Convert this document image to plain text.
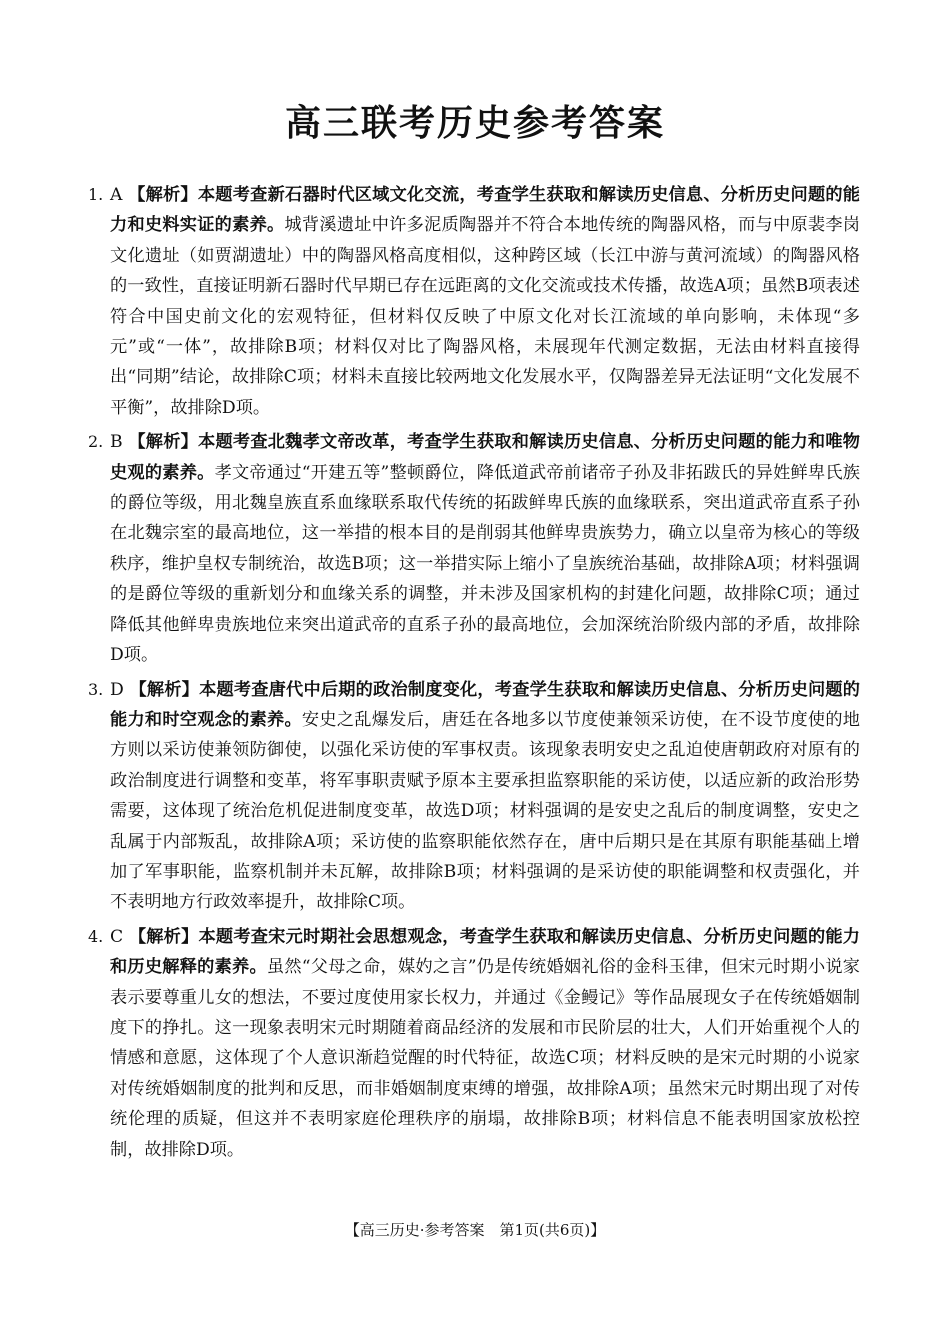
高三联考历史参考答案
1. A 【解析】本题考查新石器时代区域文化交流，考查学生获取和解读历史信息、分析历史问题的能力和史料实证的素养。城背溪遗址中许多泥质陶器并不符合本地传统的陶器风格，而与中原裴李岗文化遗址（如贾湖遗址）中的陶器风格高度相似，这种跨区域（长江中游与黄河流域）的陶器风格的一致性，直接证明新石器时代早期已存在远距离的文化交流或技术传播，故选A项；虽然B项表述符合中国史前文化的宏观特征，但材料仅反映了中原文化对长江流域的单向影响，未体现“多元”或“一体”，故排除B项；材料仅对比了陶器风格，未展现年代测定数据，无法由材料直接得出“同期”结论，故排除C项；材料未直接比较两地文化发展水平，仅陶器差异无法证明“文化发展不平衡”，故排除D项。
2. B 【解析】本题考查北魏孝文帝改革，考查学生获取和解读历史信息、分析历史问题的能力和唯物史观的素养。孝文帝通过“开建五等”整顿爵位，降低道武帝前诸帝子孙及非拓跋氏的异姓鲜卑氏族的爵位等级，用北魏皇族直系血缘联系取代传统的拓跋鲜卑氏族的血缘联系，突出道武帝直系子孙在北魏宗室的最高地位，这一举措的根本目的是削弱其他鲜卑贵族势力，确立以皇帝为核心的等级秩序，维护皇权专制统治，故选B项；这一举措实际上缩小了皇族统治基础，故排除A项；材料强调的是爵位等级的重新划分和血缘关系的调整，并未涉及国家机构的封建化问题，故排除C项；通过降低其他鲜卑贵族地位来突出道武帝的直系子孙的最高地位，会加深统治阶级内部的矛盾，故排除D项。
3. D 【解析】本题考查唐代中后期的政治制度变化，考查学生获取和解读历史信息、分析历史问题的能力和时空观念的素养。安史之乱爆发后，唐廷在各地多以节度使兼领采访使，在不设节度使的地方则以采访使兼领防御使，以强化采访使的军事权责。该现象表明安史之乱迫使唐朝政府对原有的政治制度进行调整和变革，将军事职责赋予原本主要承担监察职能的采访使，以适应新的政治形势需要，这体现了统治危机促进制度变革，故选D项；材料强调的是安史之乱后的制度调整，安史之乱属于内部叛乱，故排除A项；采访使的监察职能依然存在，唐中后期只是在其原有职能基础上增加了军事职能，监察机制并未瓦解，故排除B项；材料强调的是采访使的职能调整和权责强化，并不表明地方行政效率提升，故排除C项。
4. C 【解析】本题考查宋元时期社会思想观念，考查学生获取和解读历史信息、分析历史问题的能力和历史解释的素养。虽然“父母之命，媒妁之言”仍是传统婚姻礼俗的金科玉律，但宋元时期小说家表示要尊重儿女的想法，不要过度使用家长权力，并通过《金鳗记》等作品展现女子在传统婚姻制度下的挣扎。这一现象表明宋元时期随着商品经济的发展和市民阶层的壮大，人们开始重视个人的情感和意愿，这体现了个人意识渐趋觉醒的时代特征，故选C项；材料反映的是宋元时期的小说家对传统婚姻制度的批判和反思，而非婚姻制度束缚的增强，故排除A项；虽然宋元时期出现了对传统伦理的质疑，但这并不表明家庭伦理秩序的崩塌，故排除B项；材料信息不能表明国家放松控制，故排除D项。
【高三历史·参考答案　第1页(共6页)】
